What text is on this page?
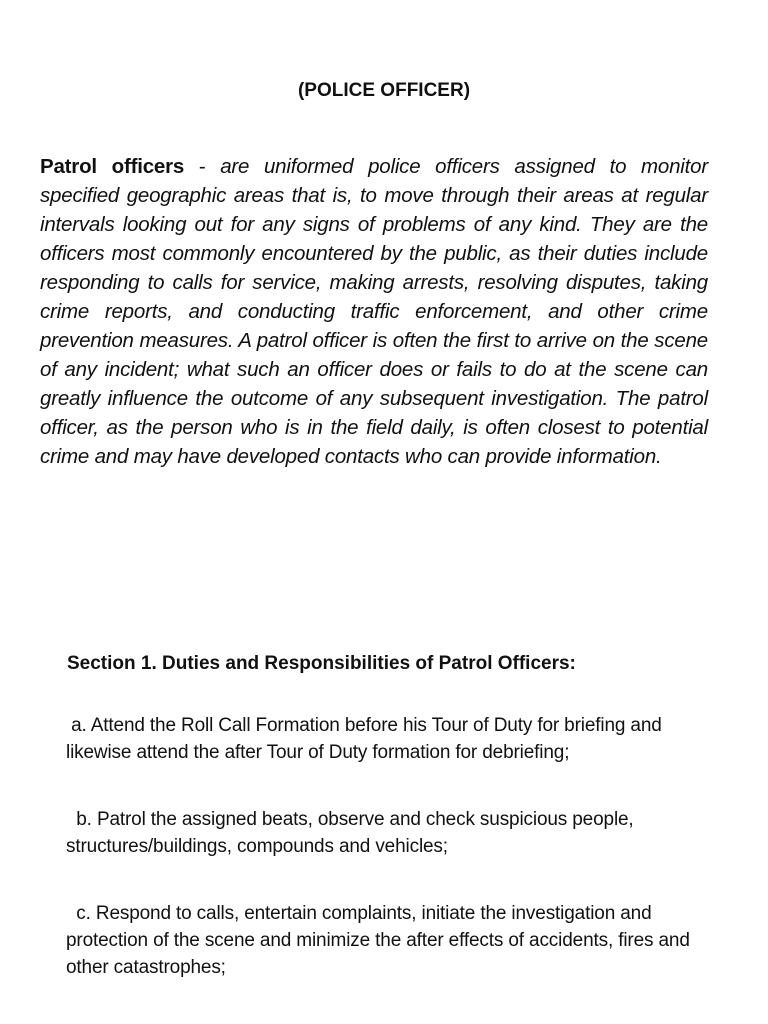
(POLICE OFFICER)

Patrol officers - are uniformed police officers assigned to monitor specified geographic areas that is, to move through their areas at regular intervals looking out for any signs of problems of any kind. They are the officers most commonly encountered by the public, as their duties include responding to calls for service, making arrests, resolving disputes, taking crime reports, and conducting traffic enforcement, and other crime prevention measures. A patrol officer is often the first to arrive on the scene of any incident; what such an officer does or fails to do at the scene can greatly influence the outcome of any subsequent investigation. The patrol officer, as the person who is in the field daily, is often closest to potential crime and may have developed contacts who can provide information.

Section 1. Duties and Responsibilities of Patrol Officers:

a. Attend the Roll Call Formation before his Tour of Duty for briefing and likewise attend the after Tour of Duty formation for debriefing;

b. Patrol the assigned beats, observe and check suspicious people, structures/buildings, compounds and vehicles;

c. Respond to calls, entertain complaints, initiate the investigation and protection of the scene and minimize the after effects of accidents, fires and other catastrophes;
